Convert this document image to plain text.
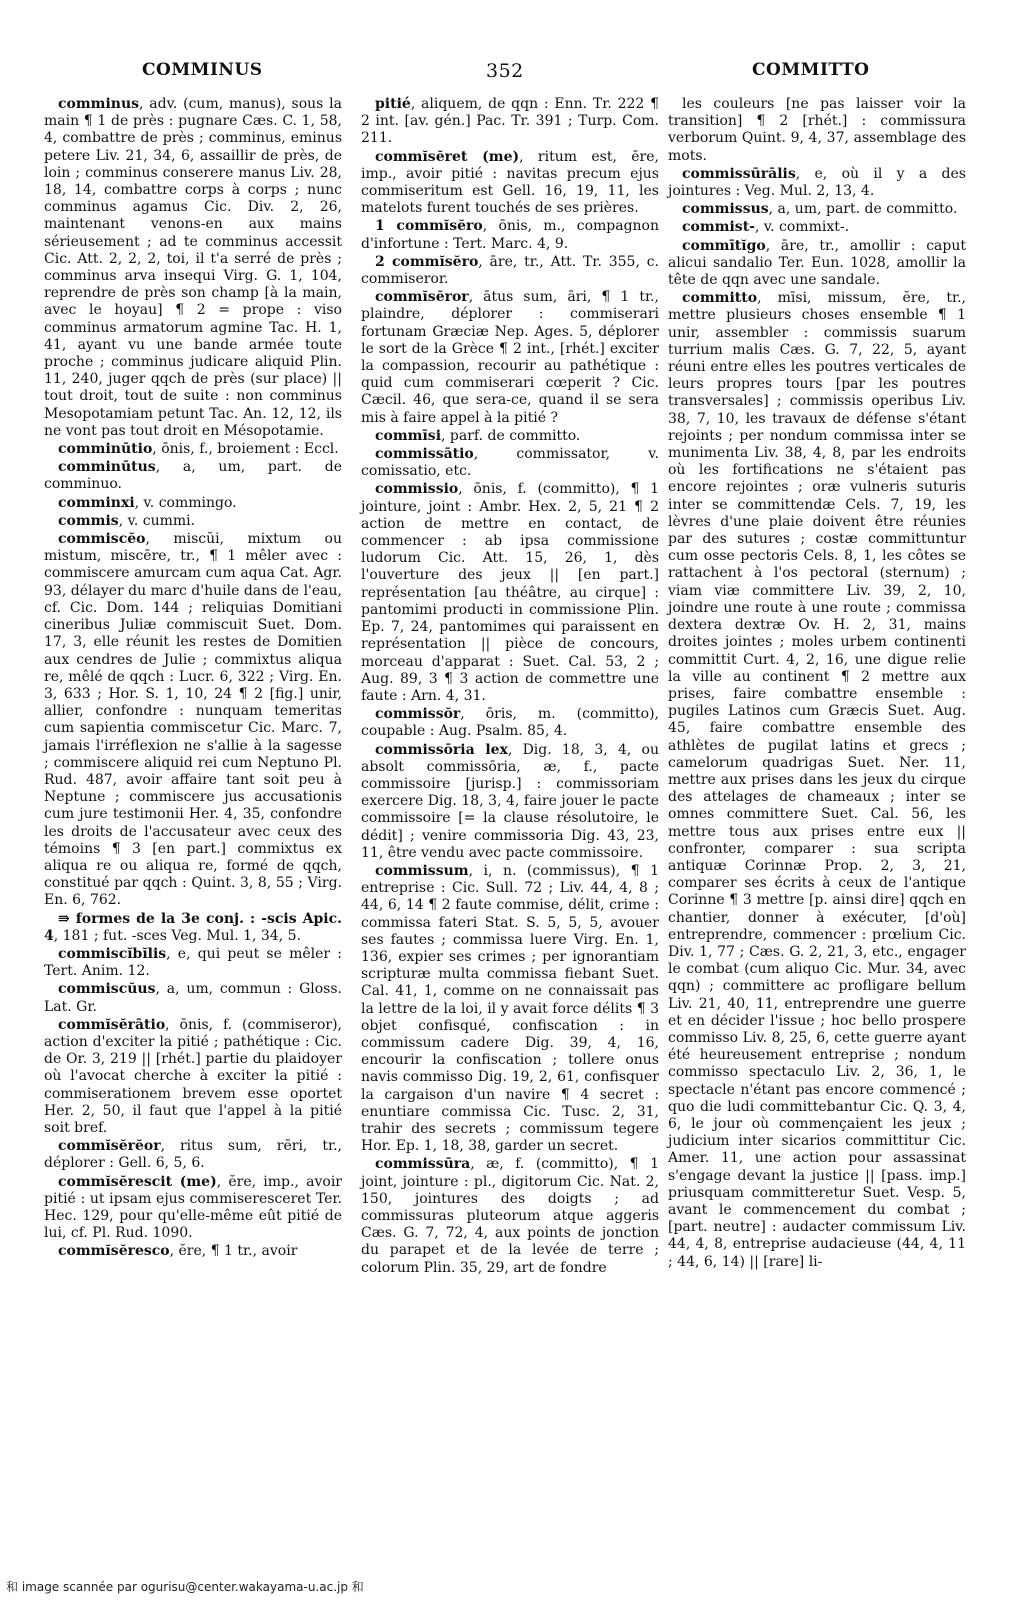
COMMINUS	352	COMMITTO

comminus, adv. (cum, manus), sous la main ¶ 1 de près : pugnare Cæs. C. 1, 58, 4, combattre de près ; comminus, eminus petere Liv. 21, 34, 6, assaillir de près, de loin ; comminus conserere manus Liv. 28, 18, 14, combattre corps à corps ; nunc comminus agamus Cic. Div. 2, 26, maintenant venons-en aux mains sérieusement ; ad te comminus accessit Cic. Att. 2, 2, 2, toi, il t'a serré de près ; comminus arva insequi Virg. G. 1, 104, reprendre de près son champ [à la main, avec le hoyau] ¶ 2 = prope : viso comminus armatorum agmine Tac. H. 1, 41, ayant vu une bande armée toute proche ; comminus judicare aliquid Plin. 11, 240, juger qqch de près (sur place) || tout droit, tout de suite : non comminus Mesopotamiam petunt Tac. An. 12, 12, ils ne vont pas tout droit en Mésopotamie.

comminūtio, ōnis, f., broiement : Eccl.

comminūtus, a, um, part. de comminuo.

comminxi, v. commingo.

commis, v. cummi.

commiscĕo, miscŭi, mixtum ou mistum, miscēre, tr., ¶ 1 mêler avec : commiscere amurcam cum aqua Cat. Agr. 93, délayer du marc d'huile dans de l'eau, cf. Cic. Dom. 144 ; reliquias Domitiani cineribus Juliæ commiscuit Suet. Dom. 17, 3, elle réunit les restes de Domitien aux cendres de Julie ; commixtus aliqua re, mêlé de qqch : Lucr. 6, 322 ; Virg. En. 3, 633 ; Hor. S. 1, 10, 24 ¶ 2 [fig.] unir, allier, confondre : nunquam temeritas cum sapientia commiscetur Cic. Marc. 7, jamais l'irréflexion ne s'allie à la sagesse ; commiscere aliquid rei cum Neptuno Pl. Rud. 487, avoir affaire tant soit peu à Neptune ; commiscere jus accusationis cum jure testimonii Her. 4, 35, confondre les droits de l'accusateur avec ceux des témoins ¶ 3 [en part.] commixtus ex aliqua re ou aliqua re, formé de qqch, constitué par qqch : Quint. 3, 8, 55 ; Virg. En. 6, 762.

⇛ formes de la 3e conj. : -scis Apic. 4, 181 ; fut. -sces Veg. Mul. 1, 34, 5.

commiscĭbĭlis, e, qui peut se mêler : Tert. Anim. 12.

commiscŭus, a, um, commun : Gloss. Lat. Gr.

commĭsĕrātio, ōnis, f. (commiseror), action d'exciter la pitié ; pathétique : Cic. de Or. 3, 219 || [rhét.] partie du plaidoyer où l'avocat cherche à exciter la pitié : commiserationem brevem esse oportet Her. 2, 50, il faut que l'appel à la pitié soit bref.

commĭsĕrĕor, ritus sum, rēri, tr., déplorer : Gell. 6, 5, 6.

commĭsĕrescit (me), ĕre, imp., avoir pitié : ut ipsam ejus commiseresceret Ter. Hec. 129, pour qu'elle-même eût pitié de lui, cf. Pl. Rud. 1090.

commĭsĕresco, ĕre, ¶ 1 tr., avoir

pitié, aliquem, de qqn : Enn. Tr. 222 ¶ 2 int. [av. gén.] Pac. Tr. 391 ; Turp. Com. 211.

commĭsĕret (me), ritum est, ēre, imp., avoir pitié : navitas precum ejus commiseritum est Gell. 16, 19, 11, les matelots furent touchés de ses prières.

1 commĭsĕro, ōnis, m., compagnon d'infortune : Tert. Marc. 4, 9.

2 commĭsĕro, āre, tr., Att. Tr. 355, c. commiseror.

commĭsĕror, ātus sum, āri, ¶ 1 tr., plaindre, déplorer : commiserari fortunam Græciæ Nep. Ages. 5, déplorer le sort de la Grèce ¶ 2 int., [rhét.] exciter la compassion, recourir au pathétique : quid cum commiserari cœperit ? Cic. Cæcil. 46, que sera-ce, quand il se sera mis à faire appel à la pitié ?

commīsi, parf. de committo.

commissātio, commissator, v. comissatio, etc.

commissio, ōnis, f. (committo), ¶ 1 jointure, joint : Ambr. Hex. 2, 5, 21 ¶ 2 action de mettre en contact, de commencer : ab ipsa commissione ludorum Cic. Att. 15, 26, 1, dès l'ouverture des jeux || [en part.] représentation [au théâtre, au cirque] : pantomimi producti in commissione Plin. Ep. 7, 24, pantomimes qui paraissent en représentation || pièce de concours, morceau d'apparat : Suet. Cal. 53, 2 ; Aug. 89, 3 ¶ 3 action de commettre une faute : Arn. 4, 31.

commissŏr, ōris, m. (committo), coupable : Aug. Psalm. 85, 4.

commissōria lex, Dig. 18, 3, 4, ou absolt commissōria, æ, f., pacte commissoire [jurisp.] : commissoriam exercere Dig. 18, 3, 4, faire jouer le pacte commissoire [= la clause résolutoire, le dédit] ; venire commissoria Dig. 43, 23, 11, être vendu avec pacte commissoire.

commissum, i, n. (commissus), ¶ 1 entreprise : Cic. Sull. 72 ; Liv. 44, 4, 8 ; 44, 6, 14 ¶ 2 faute commise, délit, crime : commissa fateri Stat. S. 5, 5, 5, avouer ses fautes ; commissa luere Virg. En. 1, 136, expier ses crimes ; per ignorantiam scripturæ multa commissa fiebant Suet. Cal. 41, 1, comme on ne connaissait pas la lettre de la loi, il y avait force délits ¶ 3 objet confisqué, confiscation : in commissum cadere Dig. 39, 4, 16, encourir la confiscation ; tollere onus navis commisso Dig. 19, 2, 61, confisquer la cargaison d'un navire ¶ 4 secret : enuntiare commissa Cic. Tusc. 2, 31, trahir des secrets ; commissum tegere Hor. Ep. 1, 18, 38, garder un secret.

commissūra, æ, f. (committo), ¶ 1 joint, jointure : pl., digitorum Cic. Nat. 2, 150, jointures des doigts ; ad commissuras pluteorum atque aggeris Cæs. G. 7, 72, 4, aux points de jonction du parapet et de la levée de terre ; colorum Plin. 35, 29, art de fondre

les couleurs [ne pas laisser voir la transition] ¶ 2 [rhét.] : commissura verborum Quint. 9, 4, 37, assemblage des mots.

commissūrālis, e, où il y a des jointures : Veg. Mul. 2, 13, 4.

commissus, a, um, part. de committo.

commist-, v. commixt-.

commītĭgo, āre, tr., amollir : caput alicui sandalio Ter. Eun. 1028, amollir la tête de qqn avec une sandale.

committo, mīsi, missum, ĕre, tr., mettre plusieurs choses ensemble ¶ 1 unir, assembler : commissis suarum turrium malis Cæs. G. 7, 22, 5, ayant réuni entre elles les poutres verticales de leurs propres tours [par les poutres transversales] ; commissis operibus Liv. 38, 7, 10, les travaux de défense s'étant rejoints ; per nondum commissa inter se munimenta Liv. 38, 4, 8, par les endroits où les fortifications ne s'étaient pas encore rejointes ; oræ vulneris suturis inter se committendæ Cels. 7, 19, les lèvres d'une plaie doivent être réunies par des sutures ; costæ committuntur cum osse pectoris Cels. 8, 1, les côtes se rattachent à l'os pectoral (sternum) ; viam viæ committere Liv. 39, 2, 10, joindre une route à une route ; commissa dextera dextræ Ov. H. 2, 31, mains droites jointes ; moles urbem continenti committit Curt. 4, 2, 16, une digue relie la ville au continent ¶ 2 mettre aux prises, faire combattre ensemble : pugiles Latinos cum Græcis Suet. Aug. 45, faire combattre ensemble des athlètes de pugilat latins et grecs ; camelorum quadrigas Suet. Ner. 11, mettre aux prises dans les jeux du cirque des attelages de chameaux ; inter se omnes committere Suet. Cal. 56, les mettre tous aux prises entre eux || confronter, comparer : sua scripta antiquæ Corinnæ Prop. 2, 3, 21, comparer ses écrits à ceux de l'antique Corinne ¶ 3 mettre [p. ainsi dire] qqch en chantier, donner à exécuter, [d'où] entreprendre, commencer : prœlium Cic. Div. 1, 77 ; Cæs. G. 2, 21, 3, etc., engager le combat (cum aliquo Cic. Mur. 34, avec qqn) ; committere ac profligare bellum Liv. 21, 40, 11, entreprendre une guerre et en décider l'issue ; hoc bello prospere commisso Liv. 8, 25, 6, cette guerre ayant été heureusement entreprise ; nondum commisso spectaculo Liv. 2, 36, 1, le spectacle n'étant pas encore commencé ; quo die ludi committebantur Cic. Q. 3, 4, 6, le jour où commençaient les jeux ; judicium inter sicarios committitur Cic. Amer. 11, une action pour assassinat s'engage devant la justice || [pass. imp.] priusquam committeretur Suet. Vesp. 5, avant le commencement du combat ; [part. neutre] : audacter commissum Liv. 44, 4, 8, entreprise audacieuse (44, 4, 11 ; 44, 6, 14) || [rare] li-

和 image scannée par ogurisu@center.wakayama-u.ac.jp 和
